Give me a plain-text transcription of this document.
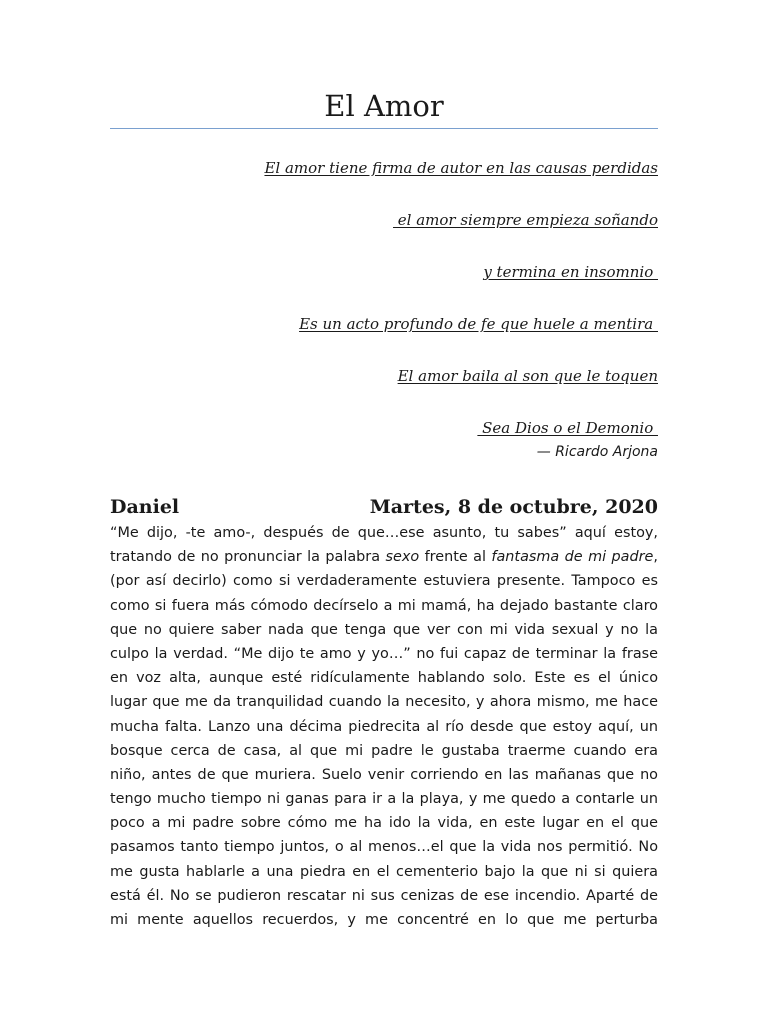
El Amor
El amor tiene firma de autor en las causas perdidas
el amor siempre empieza soñando
y termina en insomnio
Es un acto profundo de fe que huele a mentira
El amor baila al son que le toquen
Sea Dios o el Demonio
— Ricardo Arjona
Daniel	Martes, 8 de octubre, 2020
“Me dijo, -te amo-, después de que…ese asunto, tu sabes” aquí estoy,
tratando de no pronunciar la palabra sexo frente al fantasma de mi padre,
(por así decirlo) como si verdaderamente estuviera presente. Tampoco es
como si fuera más cómodo decírselo a mi mamá, ha dejado bastante claro
que no quiere saber nada que tenga que ver con mi vida sexual y no la
culpo la verdad. “Me dijo te amo y yo…” no fui capaz de terminar la frase
en voz alta, aunque esté ridículamente hablando solo. Este es el único
lugar que me da tranquilidad cuando la necesito, y ahora mismo, me hace
mucha falta. Lanzo una décima piedrecita al río desde que estoy aquí, un
bosque cerca de casa, al que mi padre le gustaba traerme cuando era
niño, antes de que muriera. Suelo venir corriendo en las mañanas que no
tengo mucho tiempo ni ganas para ir a la playa, y me quedo a contarle un
poco a mi padre sobre cómo me ha ido la vida, en este lugar en el que
pasamos tanto tiempo juntos, o al menos…el que la vida nos permitió. No
me gusta hablarle a una piedra en el cementerio bajo la que ni si quiera
está él. No se pudieron rescatar ni sus cenizas de ese incendio. Aparté de
mi mente aquellos recuerdos, y me concentré en lo que me perturba
